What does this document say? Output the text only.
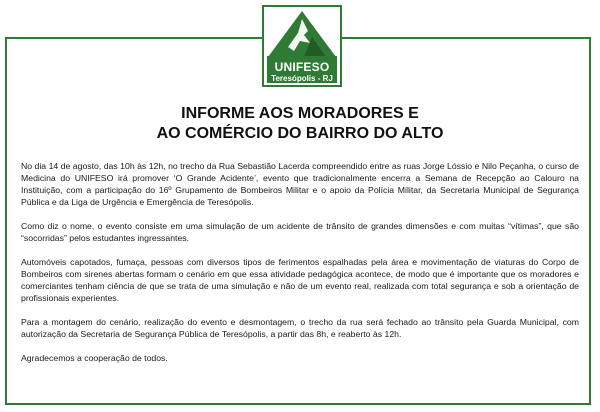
UNIFESO
Teresópolis - RJ
INFORME AOS MORADORES E
AO COMÉRCIO DO BAIRRO DO ALTO

No dia 14 de agosto, das 10h às 12h, no trecho da Rua Sebastião Lacerda compreendido entre as ruas Jorge Lóssio e Nilo Peçanha, o curso de Medicina do UNIFESO irá promover ‘O Grande Acidente’, evento que tradicionalmente encerra a Semana de Recepção ao Calouro na Instituição, com a participação do 16º Grupamento de Bombeiros Militar e o apoio da Polícia Militar, da Secretaria Municipal de Segurança Pública e da Liga de Urgência e Emergência de Teresópolis.

Como diz o nome, o evento consiste em uma simulação de um acidente de trânsito de grandes dimensões e com muitas “vítimas”, que são “socorridas” pelos estudantes ingressantes.

Automóveis capotados, fumaça, pessoas com diversos tipos de ferimentos espalhadas pela área e movimentação de viaturas do Corpo de Bombeiros com sirenes abertas formam o cenário em que essa atividade pedagógica acontece, de modo que é importante que os moradores e comerciantes tenham ciência de que se trata de uma simulação e não de um evento real, realizada com total segurança e sob a orientação de profissionais experientes.

Para a montagem do cenário, realização do evento e desmontagem, o trecho da rua será fechado ao trânsito pela Guarda Municipal, com autorização da Secretaria de Segurança Pública de Teresópolis, a partir das 8h, e reaberto às 12h.

Agradecemos a cooperação de todos.
